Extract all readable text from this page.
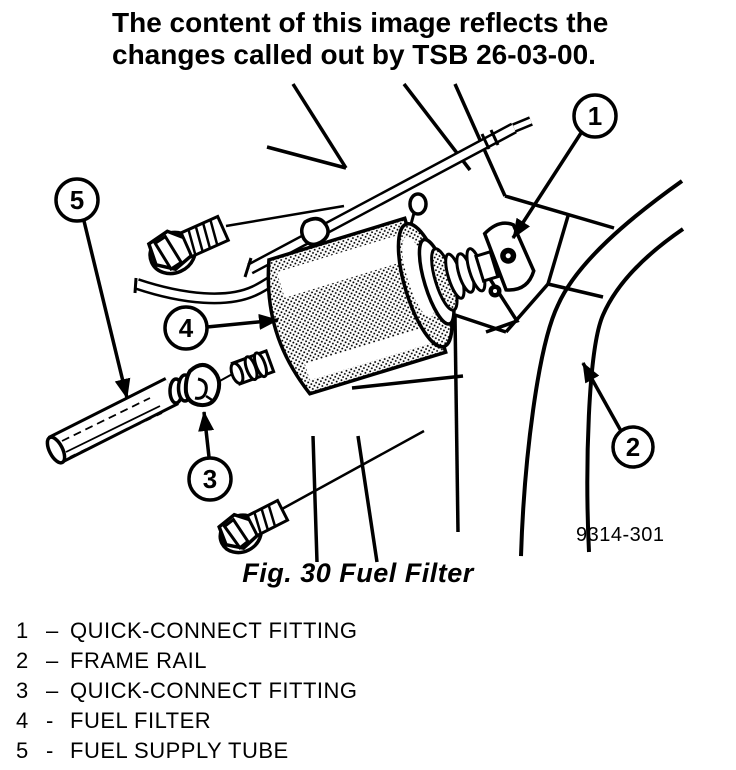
The content of this image reflects the
changes called out by TSB 26-03-00.
1
2
3
4
5
9314-301
Fig. 30 Fuel Filter
1 – QUICK-CONNECT FITTING
2 – FRAME RAIL
3 – QUICK-CONNECT FITTING
4 - FUEL FILTER
5 - FUEL SUPPLY TUBE
